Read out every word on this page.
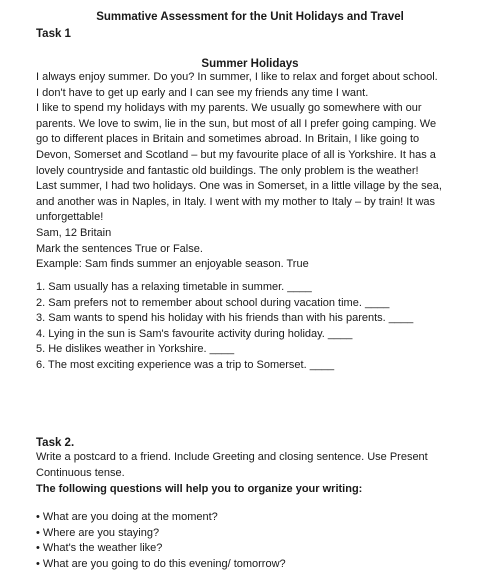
Summative Assessment for the Unit Holidays and Travel
Task 1
Summer Holidays
I always enjoy summer. Do you? In summer, I like to relax and forget about school.
I don't have to get up early and I can see my friends any time I want.
I like to spend my holidays with my parents. We usually go somewhere with our
parents. We love to swim, lie in the sun, but most of all I prefer going camping. We
go to different places in Britain and sometimes abroad. In Britain, I like going to
Devon, Somerset and Scotland – but my favourite place of all is Yorkshire. It has a
lovely countryside and fantastic old buildings. The only problem is the weather!
Last summer, I had two holidays. One was in Somerset, in a little village by the sea,
and another was in Naples, in Italy. I went with my mother to Italy – by train! It was
unforgettable!
Sam, 12 Britain
Mark the sentences True or False.
Example: Sam finds summer an enjoyable season. True
1. Sam usually has a relaxing timetable in summer. ____
2. Sam prefers not to remember about school during vacation time. ____
3. Sam wants to spend his holiday with his friends than with his parents. ____
4. Lying in the sun is Sam's favourite activity during holiday. ____
5. He dislikes weather in Yorkshire. ____
6. The most exciting experience was a trip to Somerset. ____
Task 2.
Write a postcard to a friend. Include Greeting and closing sentence. Use Present
Continuous tense.
The following questions will help you to organize your writing:
• What are you doing at the moment?
• Where are you staying?
• What's the weather like?
• What are you going to do this evening/ tomorrow?
